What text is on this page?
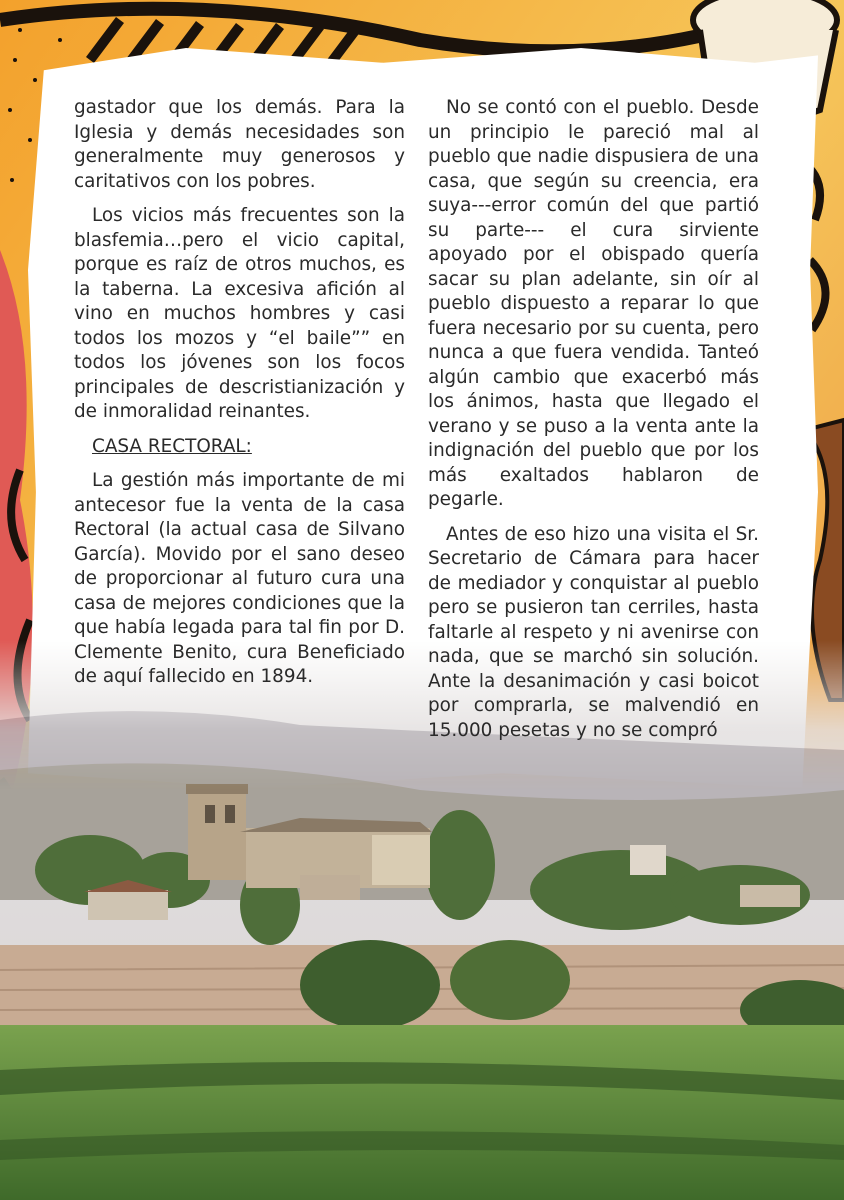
gastador que los demás. Para la Iglesia y demás necesidades son generalmente muy generosos y caritativos con los pobres.

Los vicios más frecuentes son la blasfemia…pero el vicio capital, porque es raíz de otros muchos, es la taberna. La excesiva afición al vino en muchos hombres y casi todos los mozos y “el baile”” en todos los jóvenes son los focos principales de descristianización y de inmoralidad reinantes.

CASA RECTORAL:

La gestión más importante de mi antecesor fue la venta de la casa Rectoral (la actual casa de Silvano García). Movido por el sano deseo de proporcionar al futuro cura una casa de mejores condiciones que la que había legada para tal fin por D. Clemente Benito, cura Beneficiado de aquí fallecido en 1894.

No se contó con el pueblo. Desde un principio le pareció mal al pueblo que nadie dispusiera de una casa, que según su creencia, era suya---error común del que partió su parte--- el cura sirviente apoyado por el obispado quería sacar su plan adelante, sin oír al pueblo dispuesto a reparar lo que fuera necesario por su cuenta, pero nunca a que fuera vendida. Tanteó algún cambio que exacerbó más los ánimos, hasta que llegado el verano y se puso a la venta ante la indignación del pueblo que por los más exaltados hablaron de pegarle.

Antes de eso hizo una visita el Sr. Secretario de Cámara para hacer de mediador y conquistar al pueblo pero se pusieron tan cerriles, hasta faltarle al respeto y ni avenirse con nada, que se marchó sin solución. Ante la desanimación y casi boicot por comprarla, se malvendió en 15.000 pesetas y no se compró
